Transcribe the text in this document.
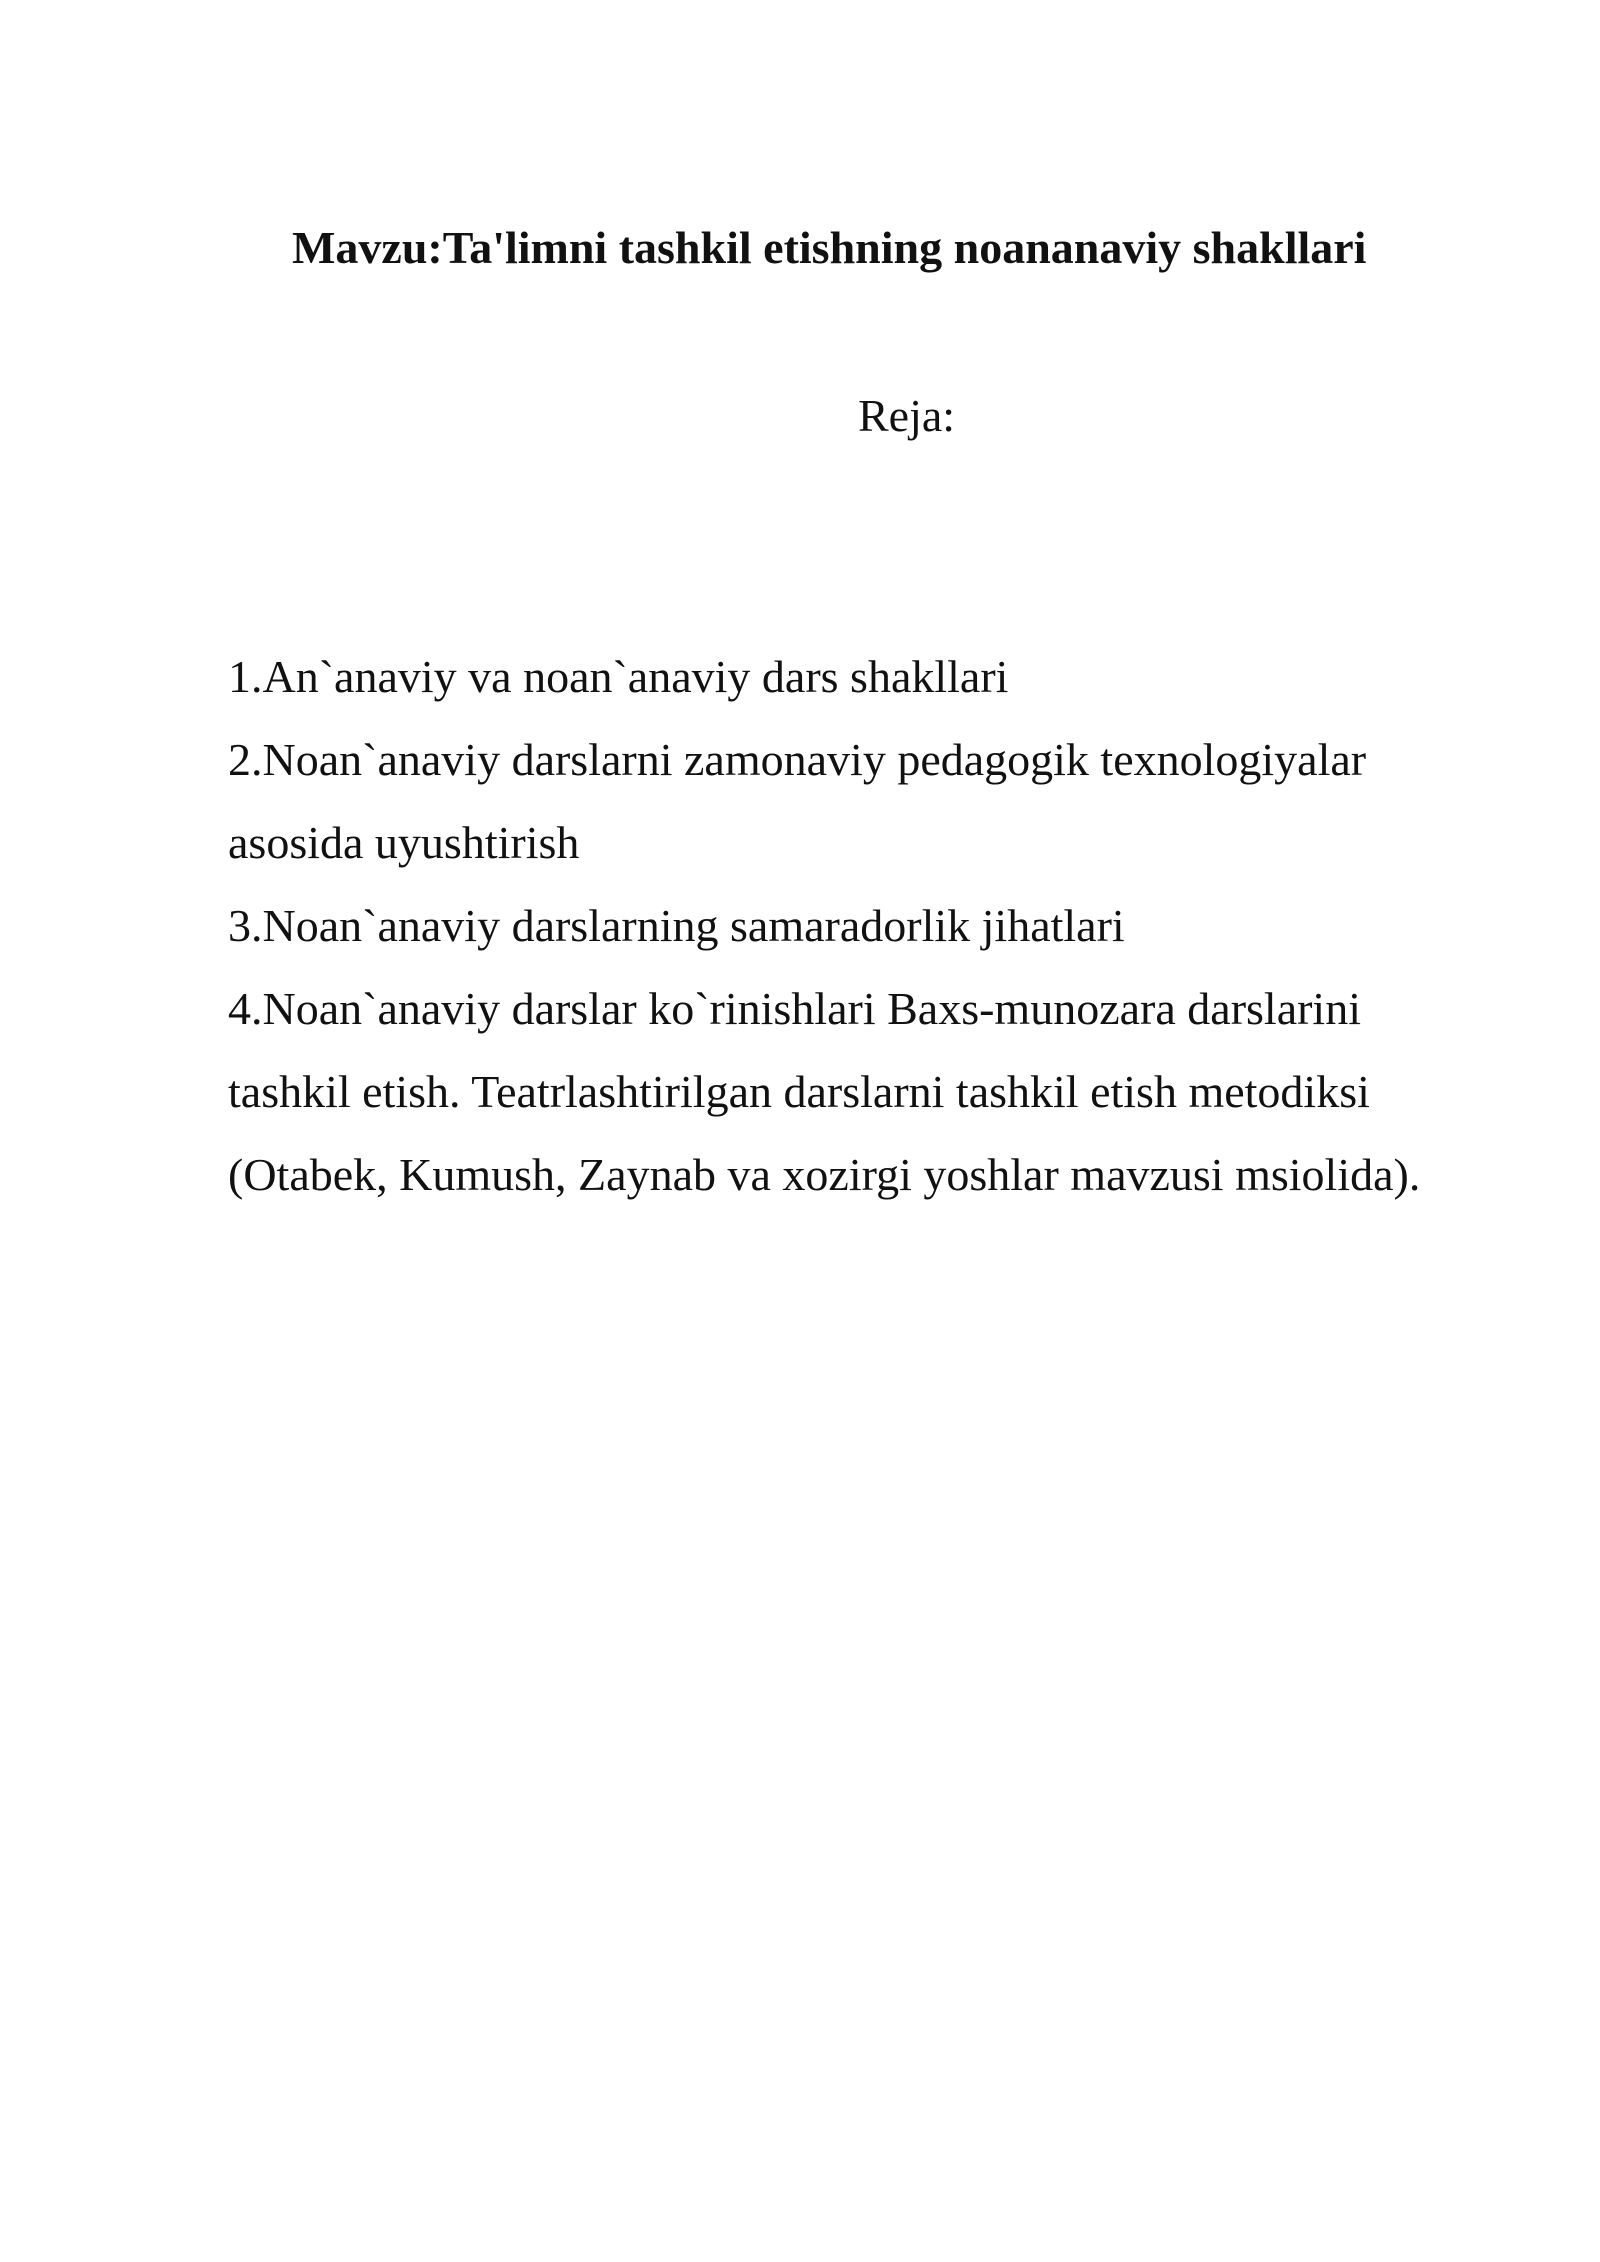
Mavzu:Ta'limni tashkil etishning noananaviy shakllari
Reja:
1.An`anaviy va noan`anaviy dars shakllari
2.Noan`anaviy darslarni zamonaviy pedagogik texnologiyalar
asosida uyushtirish
3.Noan`anaviy darslarning samaradorlik jihatlari
4.Noan`anaviy darslar ko`rinishlari Baxs-munozara darslarini
tashkil etish. Teatrlashtirilgan darslarni tashkil etish metodiksi
(Otabek, Kumush, Zaynab va xozirgi yoshlar mavzusi msiolida).
